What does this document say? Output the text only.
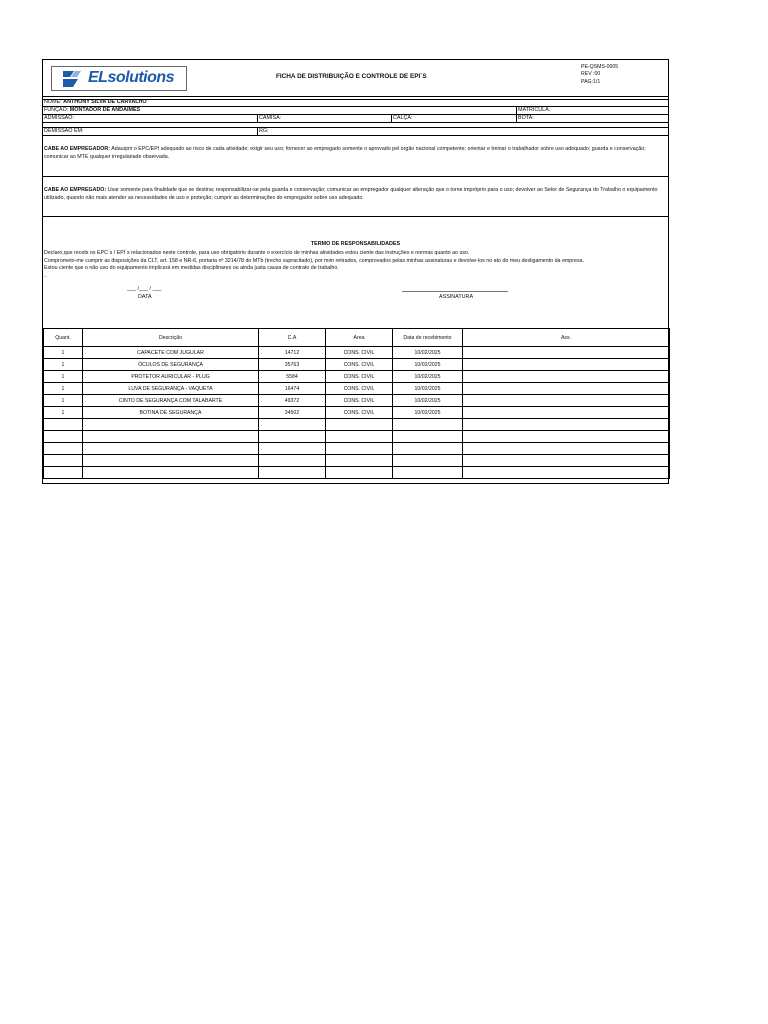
ELsolutions	FICHA DE DISTRIBUIÇÃO E CONTROLE DE EPI´S
PE-QSMS-0005
REV :00
PAG:1/1
NOME: ANTHONY SILVA DE CARVALHO
FUNÇÃO: MONTADOR DE ANDAIMES	MATRÍCULA:
ADMISSÃO:	CAMISA:	CALÇA:	BOTA:
DEMISSÃO EM:	RG:
CABE AO EMPREGADOR: Adauqirir o EPC/EPI adequado ao risco de cada atividade; exigir seu uso; fornecer ao empregado somente o aprovado pel orgão nacional competente; orientar e treinar o trabalhador sobre uso adequado; guarda e conservação; comunicar ao MTE qualquer irregulariade observada.
CABE AO EMPREGADO: Usar somente para finalidade que se destina; responsabilizar-se pela guarda e conservação; comunicar ao empregador qualquer alteração que o torne impróprio para o uso; devolver ao Setor de Segurança do Trabalho o equipamento utilizado, quando não mais atender as necessidades de uso e proteção; cumprir as determinações do empregador sobre uso adequado.
TERMO DE RESPONSABILIDADES
Declaro,que recebi os EPC´s / EPI´s relacionados neste controle, para uso obrigatório durante o exercício de minhas atividades estou ciente das instruções e normas quanto ao uso.
Comprometo-me cumprir as disposições da CLT, art. 158 e NR-6, portaria nº 3214/78 do MTb (trecho supracitado), por mim retirados, comprovados pelas minhas assinaturas e devolve-los no ato do meu desligamento da empresa.
Estou ciente que o não uso do equipamento implicará em medidas disciplinares ou ainda justa causa de contrato de trabalho.
..
___ /___ / ___
DATA	ASSINATURA
Quant.	Descrição	C.A	Area	Data de recebimento	Ass.
1	CAPACETE COM JUGULAR	14712	CONS. CIVIL	10/02/2025	
1	ÓCULOS DE SEGURANÇA	35763	CONS. CIVIL	10/02/2025	
1	PROTETOR AURICULAR - PLUG	5584	CONS. CIVIL	10/02/2025	
1	LUVA DE SEGURANÇA - VAQUETA	16474	CONS. CIVIL	10/02/2025	
1	CINTO DE SEGURANÇA COM TALABARTE	49372	CONS. CIVIL	10/02/2025	
1	BOTINA DE SEGURANÇA	34502	CONS. CIVIL	10/02/2025	
